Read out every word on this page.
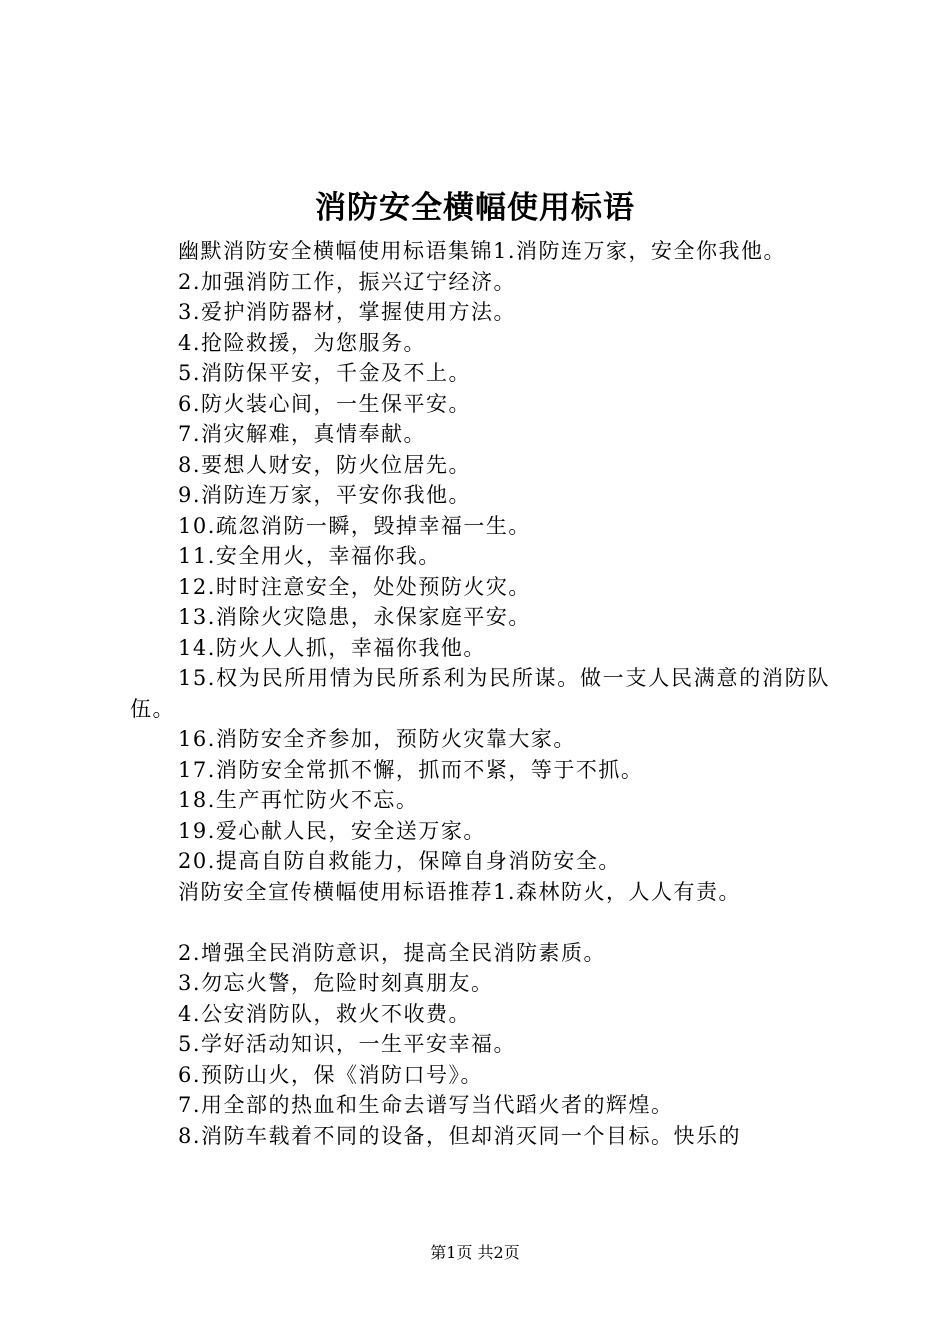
消防安全横幅使用标语

幽默消防安全横幅使用标语集锦1.消防连万家，安全你我他。

2.加强消防工作，振兴辽宁经济。

3.爱护消防器材，掌握使用方法。

4.抢险救援，为您服务。

5.消防保平安，千金及不上。

6.防火装心间，一生保平安。

7.消灾解难，真情奉献。

8.要想人财安，防火位居先。

9.消防连万家，平安你我他。

10.疏忽消防一瞬，毁掉幸福一生。

11.安全用火，幸福你我。

12.时时注意安全，处处预防火灾。

13.消除火灾隐患，永保家庭平安。

14.防火人人抓，幸福你我他。

15.权为民所用情为民所系利为民所谋。做一支人民满意的消防队伍。

16.消防安全齐参加，预防火灾靠大家。

17.消防安全常抓不懈，抓而不紧，等于不抓。

18.生产再忙防火不忘。

19.爱心献人民，安全送万家。

20.提高自防自救能力，保障自身消防安全。

消防安全宣传横幅使用标语推荐1.森林防火，人人有责。

2.增强全民消防意识，提高全民消防素质。

3.勿忘火警，危险时刻真朋友。

4.公安消防队，救火不收费。

5.学好活动知识，一生平安幸福。

6.预防山火，保《消防口号》。

7.用全部的热血和生命去谱写当代蹈火者的辉煌。

8.消防车载着不同的设备，但却消灭同一个目标。快乐的

第1页 共2页
